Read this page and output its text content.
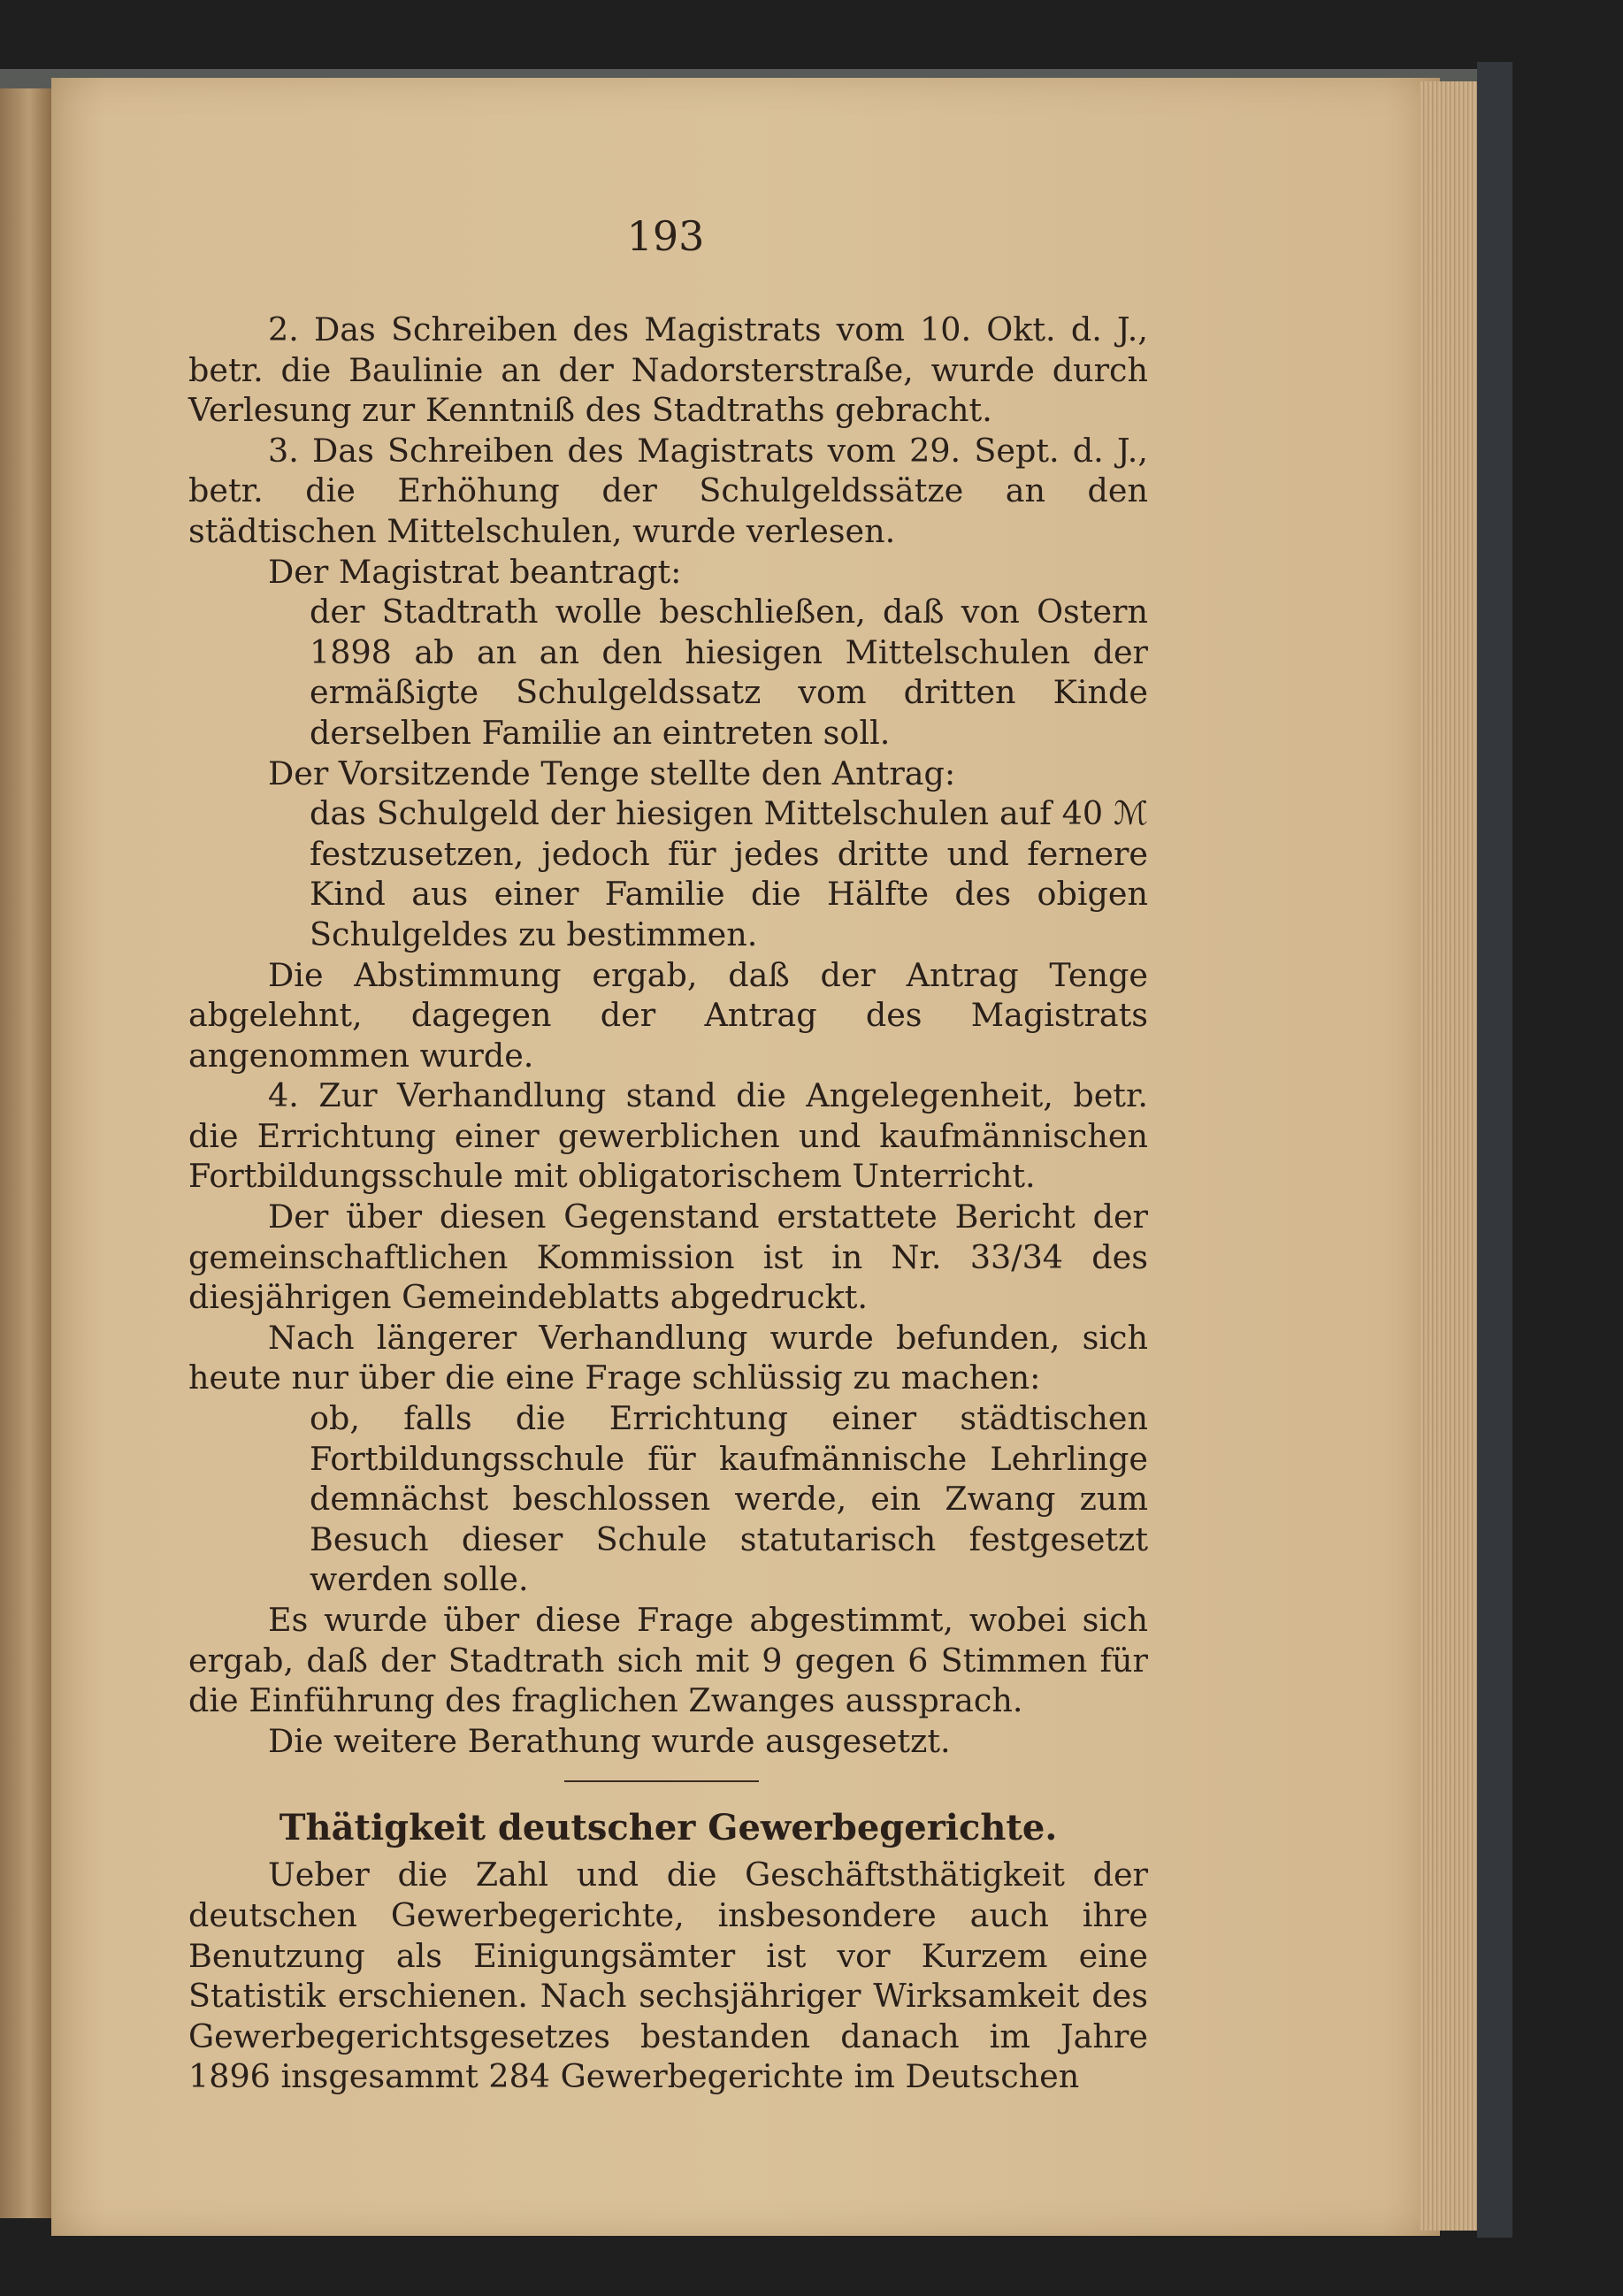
193

2. Das Schreiben des Magistrats vom 10. Okt. d. J., betr. die Baulinie an der Nadorsterstraße, wurde durch Verlesung zur Kenntniß des Stadtraths gebracht.

3. Das Schreiben des Magistrats vom 29. Sept. d. J., betr. die Erhöhung der Schulgeldssätze an den städtischen Mittelschulen, wurde verlesen.

Der Magistrat beantragt:

der Stadtrath wolle beschließen, daß von Ostern 1898 ab an an den hiesigen Mittelschulen der ermäßigte Schulgeldssatz vom dritten Kinde derselben Familie an eintreten soll.

Der Vorsitzende Tenge stellte den Antrag:

das Schulgeld der hiesigen Mittelschulen auf 40 ℳ festzusetzen, jedoch für jedes dritte und fernere Kind aus einer Familie die Hälfte des obigen Schulgeldes zu bestimmen.

Die Abstimmung ergab, daß der Antrag Tenge abgelehnt, dagegen der Antrag des Magistrats angenommen wurde.

4. Zur Verhandlung stand die Angelegenheit, betr. die Errichtung einer gewerblichen und kaufmännischen Fortbildungsschule mit obligatorischem Unterricht.

Der über diesen Gegenstand erstattete Bericht der gemeinschaftlichen Kommission ist in Nr. 33/34 des diesjährigen Gemeindeblatts abgedruckt.

Nach längerer Verhandlung wurde befunden, sich heute nur über die eine Frage schlüssig zu machen:

ob, falls die Errichtung einer städtischen Fortbildungsschule für kaufmännische Lehrlinge demnächst beschlossen werde, ein Zwang zum Besuch dieser Schule statutarisch festgesetzt werden solle.

Es wurde über diese Frage abgestimmt, wobei sich ergab, daß der Stadtrath sich mit 9 gegen 6 Stimmen für die Einführung des fraglichen Zwanges aussprach.

Die weitere Berathung wurde ausgesetzt.

Thätigkeit deutscher Gewerbegerichte.

Ueber die Zahl und die Geschäftsthätigkeit der deutschen Gewerbegerichte, insbesondere auch ihre Benutzung als Einigungsämter ist vor Kurzem eine Statistik erschienen. Nach sechsjähriger Wirksamkeit des Gewerbegerichtsgesetzes bestanden danach im Jahre 1896 insgesammt 284 Gewerbegerichte im Deutschen
